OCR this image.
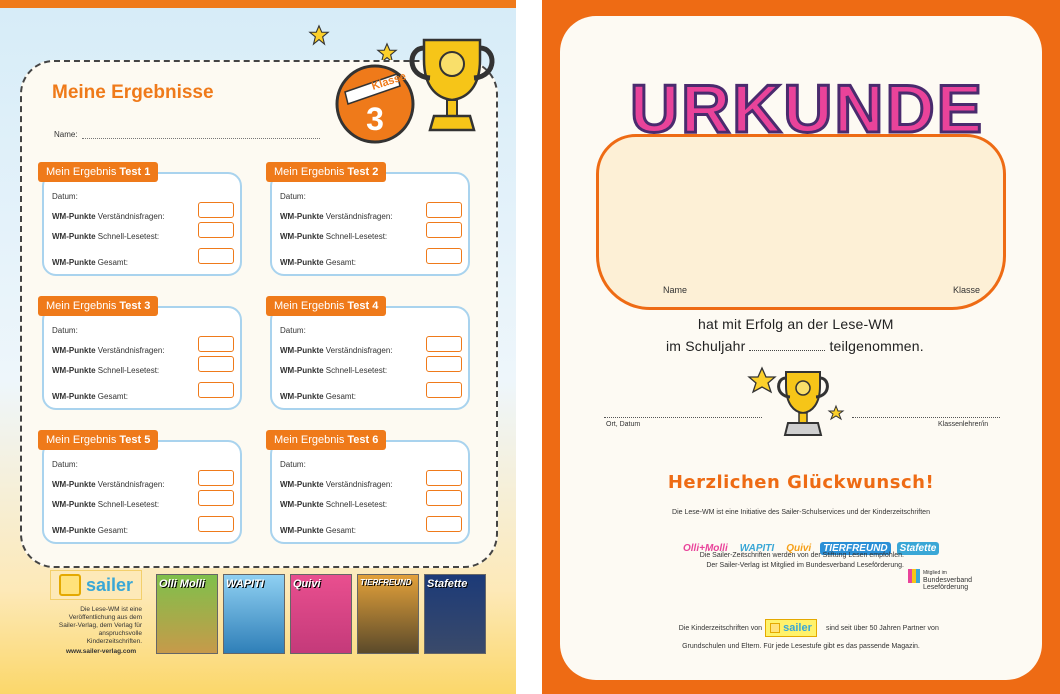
Meine Ergebnisse
Name:
Klasse
3
Mein Ergebnis Test 1
Datum:
WM-Punkte Verständnisfragen:
WM-Punkte Schnell-Lesetest:
WM-Punkte Gesamt:
Mein Ergebnis Test 2
Datum:
WM-Punkte Verständnisfragen:
WM-Punkte Schnell-Lesetest:
WM-Punkte Gesamt:
Mein Ergebnis Test 3
Datum:
WM-Punkte Verständnisfragen:
WM-Punkte Schnell-Lesetest:
WM-Punkte Gesamt:
Mein Ergebnis Test 4
Datum:
WM-Punkte Verständnisfragen:
WM-Punkte Schnell-Lesetest:
WM-Punkte Gesamt:
Mein Ergebnis Test 5
Datum:
WM-Punkte Verständnisfragen:
WM-Punkte Schnell-Lesetest:
WM-Punkte Gesamt:
Mein Ergebnis Test 6
Datum:
WM-Punkte Verständnisfragen:
WM-Punkte Schnell-Lesetest:
WM-Punkte Gesamt:
sailer
Die Lese-WM ist eine Veröffentlichung aus dem Sailer-Verlag, dem Verlag für anspruchsvolle Kinderzeitschriften.
www.sailer-verlag.com
Olli Molli WAPITI	Quivi	TIERFREUND Stafette
Name	Klasse
URKUNDE
hat mit Erfolg an der Lese-WM
im Schuljahr	teilgenommen.
Ort, Datum	Klassenlehrer/in
Herzlichen Glückwunsch!
Die Lese-WM ist eine Initiative des Sailer-Schulservices und der Kinderzeitschriften
Olli+Molli	WAPITI	Quivi	TIERFREUND	Stafette
Die Sailer-Zeitschriften werden von der Stiftung Lesen empfohlen.
Der Sailer-Verlag ist Mitglied im Bundesverband Leseförderung.
Mitglied im
Bundesverband
Leseförderung
Die Kinderzeitschriften von sailer sind seit über 50 Jahren Partner von
Grundschulen und Eltern. Für jede Lesestufe gibt es das passende Magazin.
